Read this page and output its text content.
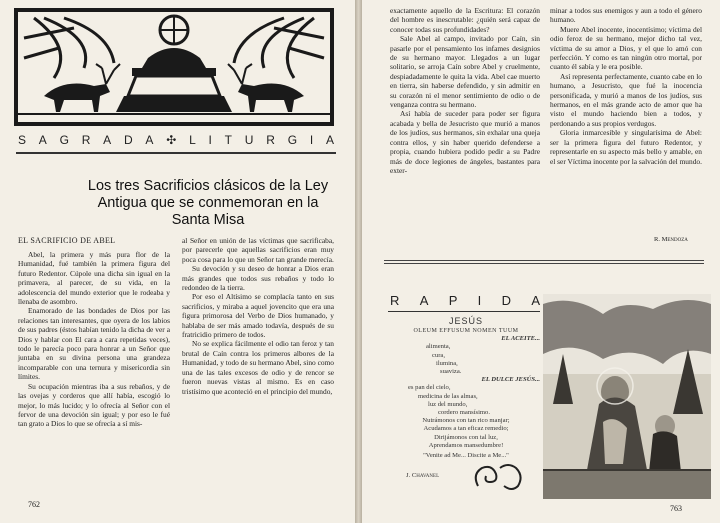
S A G R A D A ✣ L I T U R G I A
Los tres Sacrificios clásicos de la Ley Antigua que se conmemoran en la Santa Misa
EL SACRIFICIO DE ABEL

Abel, la primera y más pura flor de la Humanidad, fué también la primera figura del futuro Redentor. Cúpole una dicha sin igual en la primavera, al parecer, de su vida, en la adolescencia del mundo exterior que le rodeaba y llenaba de asombro.

Enamorado de las bondades de Dios por las relaciones tan interesantes, que oyera de los labios de sus padres (éstos habían tenido la dicha de ver a Dios y hablar con El cara a cara repetidas veces), todo le parecía poco para honrar a un Señor que juntaba en su divina persona una grandeza incomparable con una ternura y misericordia sin límites.

Su ocupación mientras iba a sus rebaños, y de las ovejas y corderos que allí había, escogió lo mejor, lo más lucido; y lo ofrecía al Señor con el fervor de una devoción sin igual; y por eso le fué tan grato a Dios lo que se ofrecía a sí mis-

al Señor en unión de las víctimas que sacrificaba, por parecerle que aquellas sacrificios eran muy poca cosa para lo que un Señor tan grande merecía.

Su devoción y su deseo de honrar a Dios eran más grandes que todos sus rebaños y todo lo redondeo de la tierra.

Por eso el Altísimo se complacía tanto en sus sacrificios, y miraba a aquel jovencito que era una figura primorosa del Verbo de Dios humanado, y hablaba de ser más amado todavía, después de su fratricidio primero de todos.

No se explica fácilmente el odio tan feroz y tan brutal de Caín contra los primeros albores de la Humanidad, y todo de su hermano Abel, sino como una de las tales excesos de odio y de rencor se fueron nuevas vistas al mismo. Es en caso tristísimo que aconteció en el principio del mundo,

762

exactamente aquello de la Escritura: El corazón del hombre es inescrutable: ¿quién será capaz de conocer todas sus profundidades?

Sale Abel al campo, invitado por Caín, sin pasarle por el pensamiento los infames designios de su hermano mayor. Llegados a un lugar solitario, se arroja Caín sobre Abel y cruelmente, despiadadamente le quita la vida. Abel cae muerto en tierra, sin haberse defendido, y sin admitir en su corazón ni el menor sentimiento de odio o de venganza contra su hermano.

Así había de suceder para poder ser figura acabada y bella de Jesucristo que murió a manos de los judíos, sus hermanos, sin exhalar una queja contra ellos, y sin haber querido defenderse a propia, cuando hubiera podido pedir a su Padre más de doce legiones de ángeles, bastantes para exter-

minar a todos sus enemigos y aun a todo el género humano.

Muere Abel inocente, inocentísimo; víctima del odio feroz de su hermano, mejor dicho tal vez, víctima de su amor a Dios, y el que lo amó con perfección. Y como es tan ningún otro mortal, por cuanto él sabía y le era posible.

Así representa perfectamente, cuanto cabe en lo humano, a Jesucristo, que fué la inocencia personificada, y murió a manos de los judíos, sus hermanos, en el más grande acto de amor que ha visto el mundo haciendo bien a todos, y perdonando a sus propios verdugos.

Gloria inmarcesible y singularísima de Abel: ser la primera figura del futuro Redentor, y representarle en su aspecto más bello y amable, en el ser Víctima inocente por la salvación del mundo.

R. Mendoza
R A P I D A
JESÚS
OLEUM EFFUSUM NOMEN TUUM
EL ACEITE...
alimenta,
cura,
ilumina,
suaviza.
EL DULCE JESÚS...
es pan del cielo,
medicina de las almas,
luz del mundo,
cordero mansísimo.
Nutrámonos con tan rico manjar;
Acudamos a tan eficaz remedio;
Dirijámonos con tal luz,
Aprendamos mansedumbre!
"Venite ad Me... Discite a Me..."
J. Chavanel
763
